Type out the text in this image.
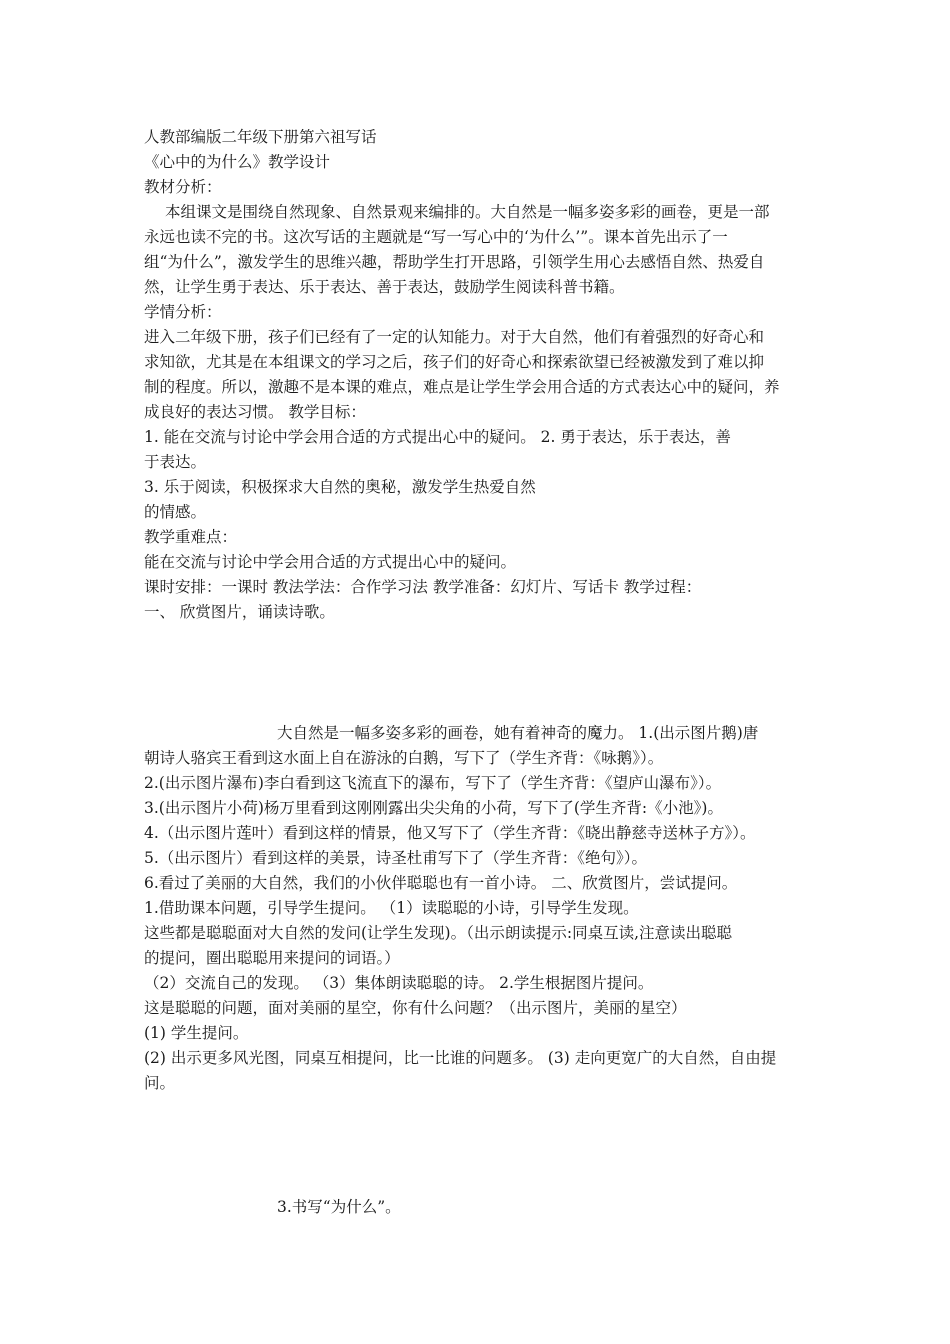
人教部编版二年级下册第六祖写话
《心中的为什么》教学设计
教材分析：
本组课文是围绕自然现象、自然景观来编排的。大自然是一幅多姿多彩的画卷，更是一部
永远也读不完的书。这次写话的主题就是“写一写心中的‘为什么’”。课本首先出示了一
组“为什么”，激发学生的思维兴趣，帮助学生打开思路，引领学生用心去感悟自然、热爱自
然，让学生勇于表达、乐于表达、善于表达，鼓励学生阅读科普书籍。
学情分析：
进入二年级下册，孩子们已经有了一定的认知能力。对于大自然，他们有着强烈的好奇心和
求知欲，尤其是在本组课文的学习之后，孩子们的好奇心和探索欲望已经被激发到了难以抑
制的程度。所以，激趣不是本课的难点，难点是让学生学会用合适的方式表达心中的疑问，养
成良好的表达习惯。 教学目标：
1. 能在交流与讨论中学会用合适的方式提出心中的疑问。 2. 勇于表达，乐于表达，善
于表达。
3. 乐于阅读，积极探求大自然的奥秘，激发学生热爱自然
的情感。
教学重难点：
能在交流与讨论中学会用合适的方式提出心中的疑问。
课时安排：一课时 教法学法：合作学习法 教学准备：幻灯片、写话卡 教学过程：
一、 欣赏图片，诵读诗歌。
大自然是一幅多姿多彩的画卷，她有着神奇的魔力。 1.(出示图片鹅)唐
朝诗人骆宾王看到这水面上自在游泳的白鹅，写下了（学生齐背：《咏鹅》）。
2.(出示图片瀑布)李白看到这飞流直下的瀑布，写下了（学生齐背：《望庐山瀑布》）。
3.(出示图片小荷)杨万里看到这刚刚露出尖尖角的小荷，写下了(学生齐背:《小池》)。
4.（出示图片莲叶）看到这样的情景，他又写下了（学生齐背：《晓出静慈寺送林子方》）。
5.（出示图片）看到这样的美景，诗圣杜甫写下了（学生齐背：《绝句》）。
6.看过了美丽的大自然，我们的小伙伴聪聪也有一首小诗。 二、欣赏图片，尝试提问。
1.借助课本问题，引导学生提问。 （1）读聪聪的小诗，引导学生发现。
这些都是聪聪面对大自然的发问(让学生发现)。（出示朗读提示:同桌互读,注意读出聪聪
的提问，圈出聪聪用来提问的词语。）
（2）交流自己的发现。 （3）集体朗读聪聪的诗。 2.学生根据图片提问。
这是聪聪的问题，面对美丽的星空，你有什么问题？（出示图片，美丽的星空）
(1) 学生提问。
(2) 出示更多风光图，同桌互相提问，比一比谁的问题多。 (3) 走向更宽广的大自然，自由提
问。
3.书写“为什么”。
